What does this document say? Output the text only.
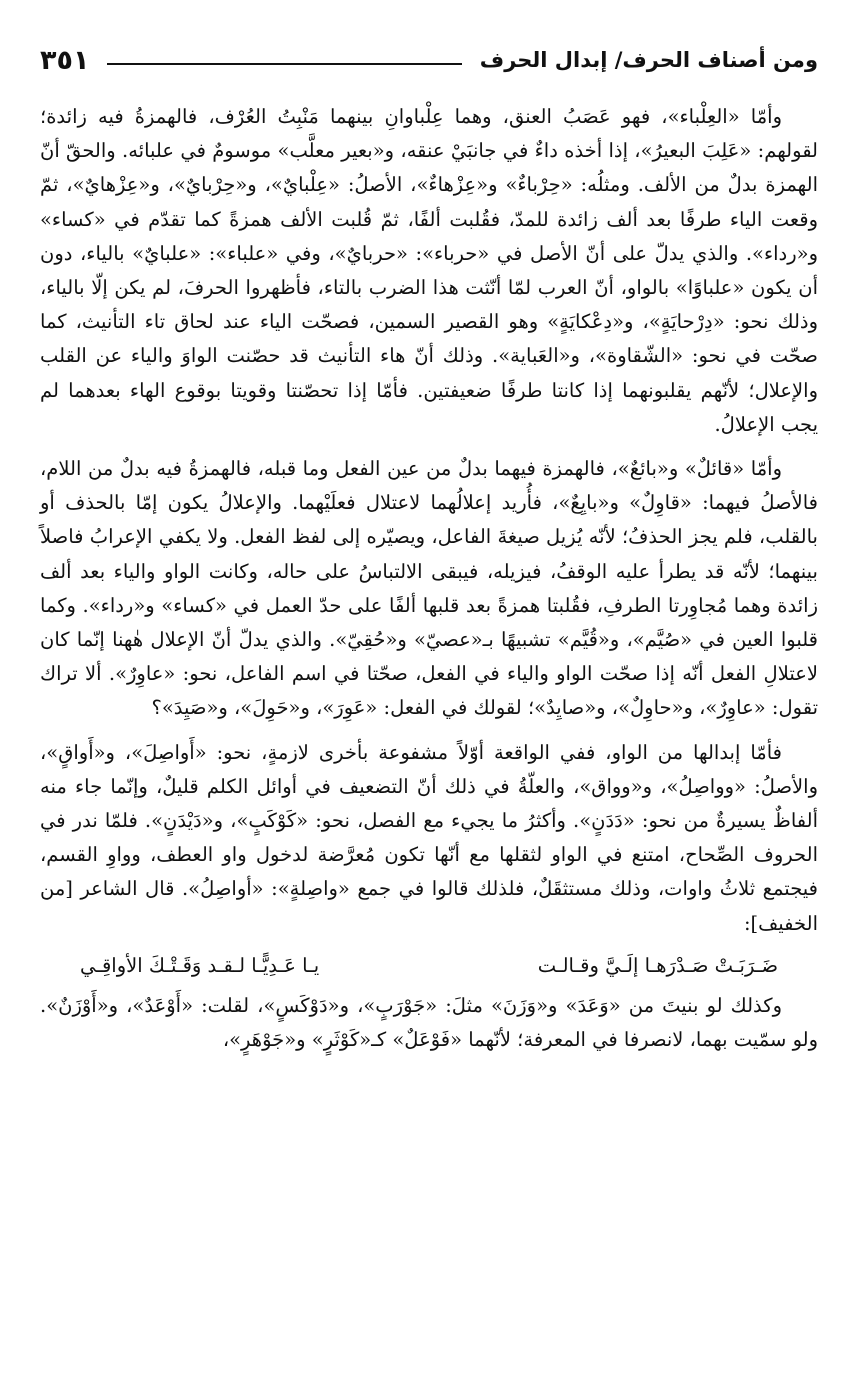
ومن أصناف الحرف/ إبدال الحرف
٣٥١

وأمّا «العِلْباء»، فهو عَصَبُ العنق، وهما عِلْباوانِ بينهما مَنْبِتُ العُرْف، فالهمزةُ فيه زائدة؛ لقولهم: «عَلِبَ البعيرُ»، إذا أخذه داءٌ في جانبَيْ عنقه، و«بعير معلَّب» موسومٌ في علبائه. والحقّ أنّ الهمزة بدلٌ من الألف. ومثلُه: «حِرْباءٌ» و«عِزْهاءٌ»، الأصلُ: «عِلْبايٌ»، و«حِرْبايٌ»، و«عِزْهايٌ»، ثمّ وقعت الياء طرفًا بعد ألف زائدة للمدّ، فقُلبت ألفًا، ثمّ قُلبت الألف همزةً كما تقدّم في «كساء» و«رداء». والذي يدلّ على أنّ الأصل في «حرباء»: «حربايٌ»، وفي «علباء»: «علبايٌ» بالياء، دون أن يكون «علباوًا» بالواو، أنّ العرب لمّا أنّثت هذا الضرب بالتاء، فأظهروا الحرفَ، لم يكن إلّا بالياء، وذلك نحو: «دِرْحايَةٍ»، و«دِعْكايَةٍ» وهو القصير السمين، فصحّت الياء عند لحاق تاء التأنيث، كما صحّت في نحو: «الشّقاوة»، و«العَباية». وذلك أنّ هاء التأنيث قد حصّنت الواوَ والياء عن القلب والإعلال؛ لأنّهم يقلبونهما إذا كانتا طرفًا ضعيفتين. فأمّا إذا تحصّنتا وقويتا بوقوع الهاء بعدهما لم يجب الإعلالُ.

وأمّا «قائلٌ» و«بائعٌ»، فالهمزة فيهما بدلٌ من عين الفعل وما قبله، فالهمزةُ فيه بدلٌ من اللام، فالأصلُ فيهما: «قاوِلٌ» و«بايِعٌ»، فأُريد إعلالُهما لاعتلال فعلَيْهما. والإعلالُ يكون إمّا بالحذف أو بالقلب، فلم يجز الحذفُ؛ لأنّه يُزيل صيغةَ الفاعل، ويصيّره إلى لفظ الفعل. ولا يكفي الإعرابُ فاصلاً بينهما؛ لأنّه قد يطرأ عليه الوقفُ، فيزيله، فيبقى الالتباسُ على حاله، وكانت الواو والياء بعد ألف زائدة وهما مُجاوِرتا الطرفِ، فقُلبتا همزةً بعد قلبها ألفًا على حدّ العمل في «كساء» و«رداء». وكما قلبوا العين في «صُيَّم»، و«قُيَّم» تشبيهًا بـ«عصيّ» و«حُقِيّ». والذي يدلّ أنّ الإعلال هٰهنا إنّما كان لاعتلالِ الفعل أنّه إذا صحّت الواو والياء في الفعل، صحّتا في اسم الفاعل، نحو: «عاوِرٌ». ألا تراك تقول: «عاوِرٌ»، و«حاوِلٌ»، و«صايِدٌ»؛ لقولك في الفعل: «عَوِرَ»، و«حَوِلَ»، و«صَيِدَ»؟

فأمّا إبدالها من الواو، ففي الواقعة أوّلاً مشفوعة بأخرى لازمةٍ، نحو: «أَواصِلَ»، و«أَواقٍ»، والأصلُ: «وواصِلُ»، و«وواق»، والعلّةُ في ذلك أنّ التضعيف في أوائل الكلم قليلٌ، وإنّما جاء منه ألفاظٌ يسيرةٌ من نحو: «دَدَنٍ». وأكثرُ ما يجيء مع الفصل، نحو: «كَوْكَبٍ»، و«دَيْدَنٍ». فلمّا ندر في الحروف الصِّحاح، امتنع في الواو لثقلها مع أنّها تكون مُعرَّضة لدخول واو العطف، وواوِ القسم، فيجتمع ثلاثُ واوات، وذلك مستثقَلٌ، فلذلك قالوا في جمع «واصِلةٍ»: «أواصِلُ». قال الشاعر [من الخفيف]:

ضَـرَبَـتْ صَـدْرَهـا إلَـيَّ وقـالـت
يـا عَـدِيًّـا لـقـد وَقَـتْـكَ الأواقِـي

وكذلك لو بنيتَ من «وَعَدَ» و«وَزَنَ» مثلَ: «جَوْرَبٍ»، و«دَوْكَسٍ»، لقلت: «أَوْعَدٌ»، و«أَوْزَنٌ». ولو سمّيت بهما، لانصرفا في المعرفة؛ لأنّهما «فَوْعَلٌ» كـ«كَوْثَرٍ» و«جَوْهَرٍ»،
